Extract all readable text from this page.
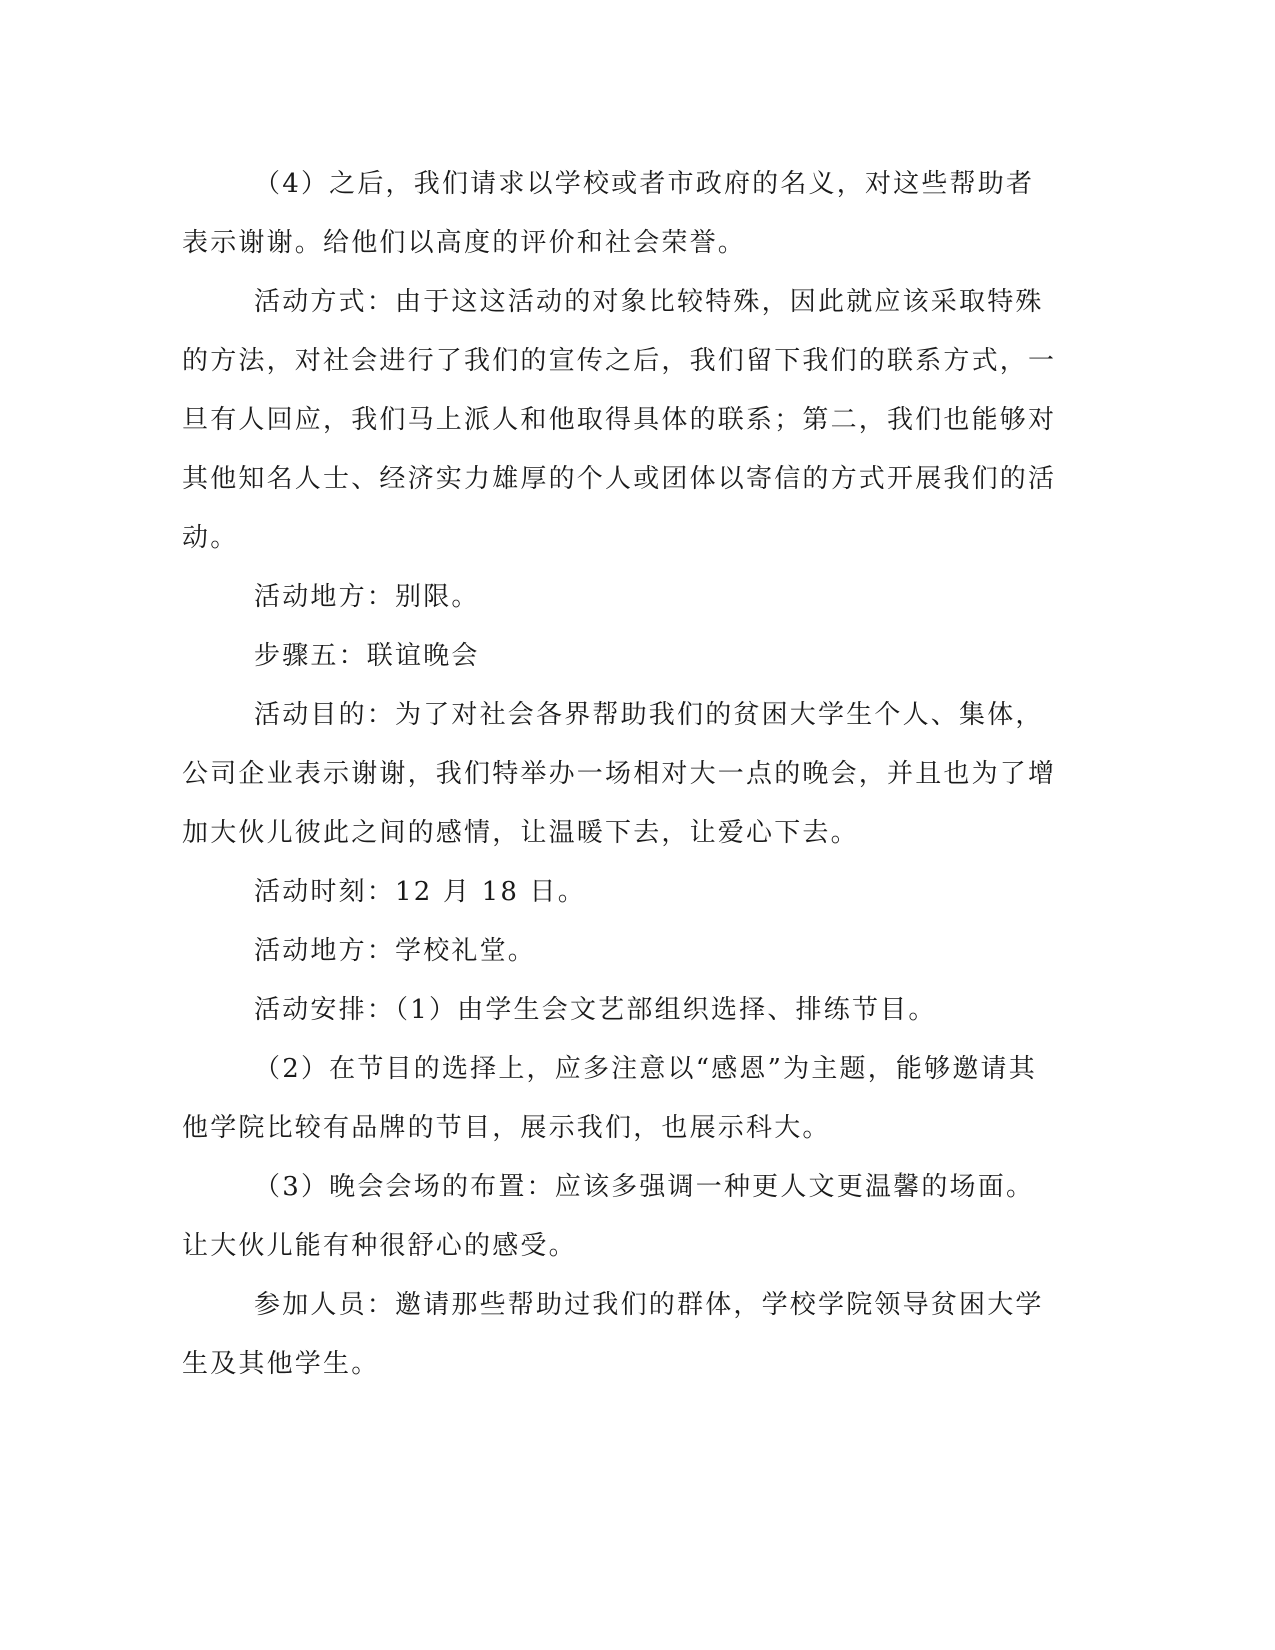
（4）之后，我们请求以学校或者市政府的名义，对这些帮助者表示谢谢。给他们以高度的评价和社会荣誉。

活动方式：由于这这活动的对象比较特殊，因此就应该采取特殊的方法，对社会进行了我们的宣传之后，我们留下我们的联系方式，一旦有人回应，我们马上派人和他取得具体的联系；第二，我们也能够对其他知名人士、经济实力雄厚的个人或团体以寄信的方式开展我们的活动。

活动地方：别限。

步骤五：联谊晚会

活动目的：为了对社会各界帮助我们的贫困大学生个人、集体，公司企业表示谢谢，我们特举办一场相对大一点的晚会，并且也为了增加大伙儿彼此之间的感情，让温暖下去，让爱心下去。

活动时刻：12 月 18 日。

活动地方：学校礼堂。

活动安排：（1）由学生会文艺部组织选择、排练节目。

（2）在节目的选择上，应多注意以“感恩”为主题，能够邀请其他学院比较有品牌的节目，展示我们，也展示科大。

（3）晚会会场的布置：应该多强调一种更人文更温馨的场面。让大伙儿能有种很舒心的感受。

参加人员：邀请那些帮助过我们的群体，学校学院领导贫困大学生及其他学生。
